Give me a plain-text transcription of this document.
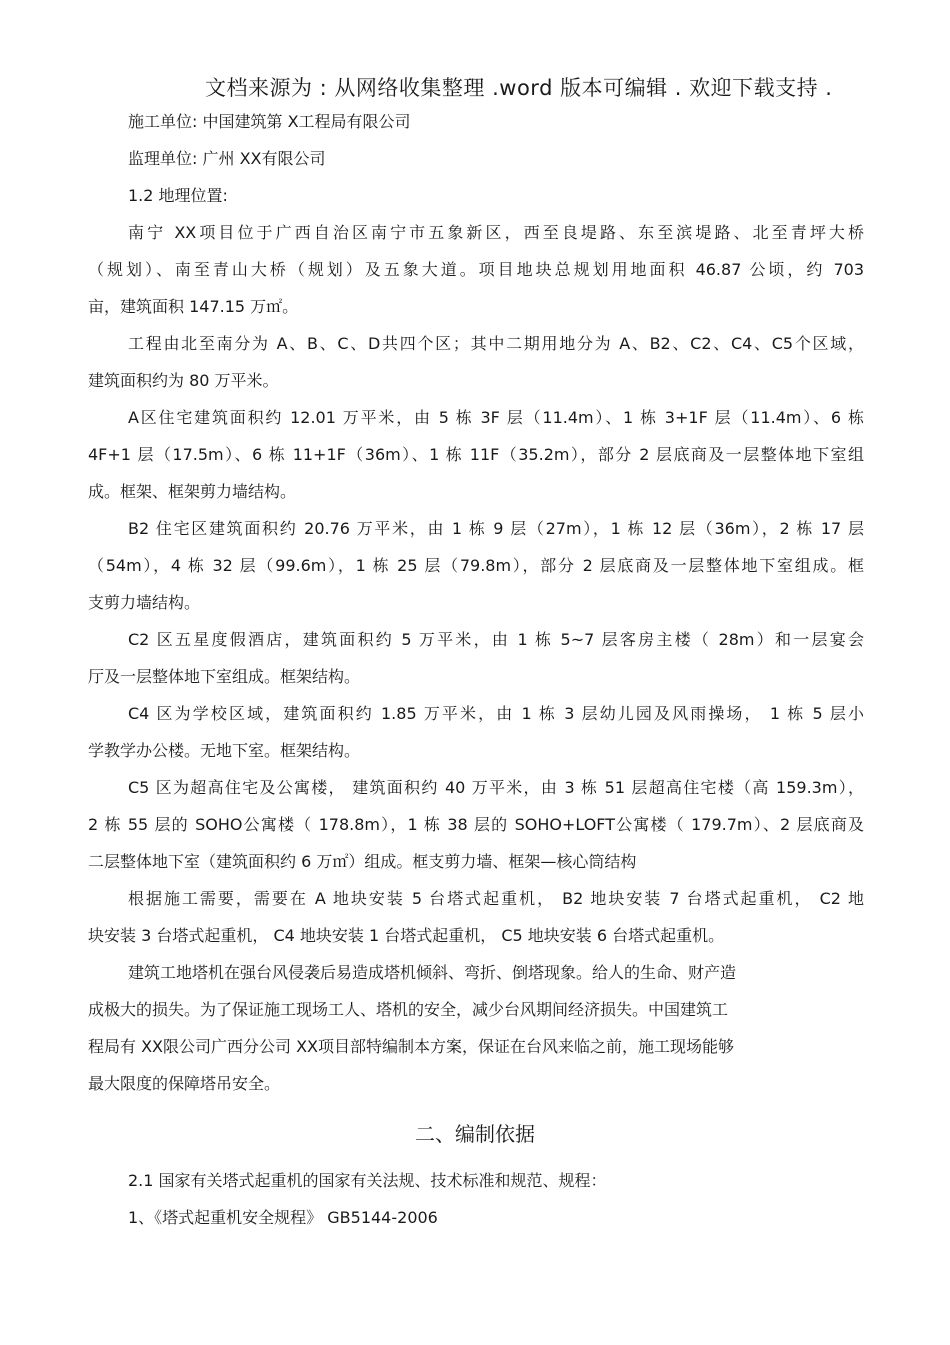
文档来源为 : 从网络收集整理 .word 版本可编辑 . 欢迎下载支持 .
施工单位: 中国建筑第 X工程局有限公司
监理单位: 广州 XX有限公司
1.2 地理位置:
南宁 XX项目位于广西自治区南宁市五象新区，西至良堤路、东至滨堤路、北至青坪大桥
（规划）、南至青山大桥（规划）及五象大道。项目地块总规划用地面积 46.87 公顷，约 703
亩，建筑面积 147.15 万㎡。
工程由北至南分为 A、B、C、D共四个区；其中二期用地分为 A、B2、C2、C4、C5个区域，
建筑面积约为 80 万平米。
A区住宅建筑面积约 12.01 万平米，由 5 栋 3F 层（11.4m）、1 栋 3+1F 层（11.4m）、6 栋
4F+1 层（17.5m）、6 栋 11+1F（36m）、1 栋 11F（35.2m），部分 2 层底商及一层整体地下室组
成。框架、框架剪力墙结构。
B2 住宅区建筑面积约 20.76 万平米，由 1 栋 9 层（27m），1 栋 12 层（36m），2 栋 17 层
（54m），4 栋 32 层（99.6m），1 栋 25 层（79.8m），部分 2 层底商及一层整体地下室组成。框
支剪力墙结构。
C2 区五星度假酒店，建筑面积约 5 万平米，由 1 栋 5~7 层客房主楼（ 28m）和一层宴会
厅及一层整体地下室组成。框架结构。
C4 区为学校区域，建筑面积约 1.85 万平米，由 1 栋 3 层幼儿园及风雨操场， 1 栋 5 层小
学教学办公楼。无地下室。框架结构。
C5 区为超高住宅及公寓楼， 建筑面积约 40 万平米，由 3 栋 51 层超高住宅楼（高 159.3m），
2 栋 55 层的 SOHO公寓楼（ 178.8m），1 栋 38 层的 SOHO+LOFT公寓楼（ 179.7m）、2 层底商及
二层整体地下室（建筑面积约 6 万㎡）组成。框支剪力墙、框架—核心筒结构
根据施工需要，需要在 A 地块安装 5 台塔式起重机， B2 地块安装 7 台塔式起重机， C2 地
块安装 3 台塔式起重机， C4 地块安装 1 台塔式起重机， C5 地块安装 6 台塔式起重机。
建筑工地塔机在强台风侵袭后易造成塔机倾斜、弯折、倒塔现象。给人的生命、财产造
成极大的损失。为了保证施工现场工人、塔机的安全，减少台风期间经济损失。中国建筑工
程局有 XX限公司广西分公司 XX项目部特编制本方案，保证在台风来临之前，施工现场能够
最大限度的保障塔吊安全。
二、编制依据
2.1 国家有关塔式起重机的国家有关法规、技术标准和规范、规程：
1、《塔式起重机安全规程》 GB5144-2006
